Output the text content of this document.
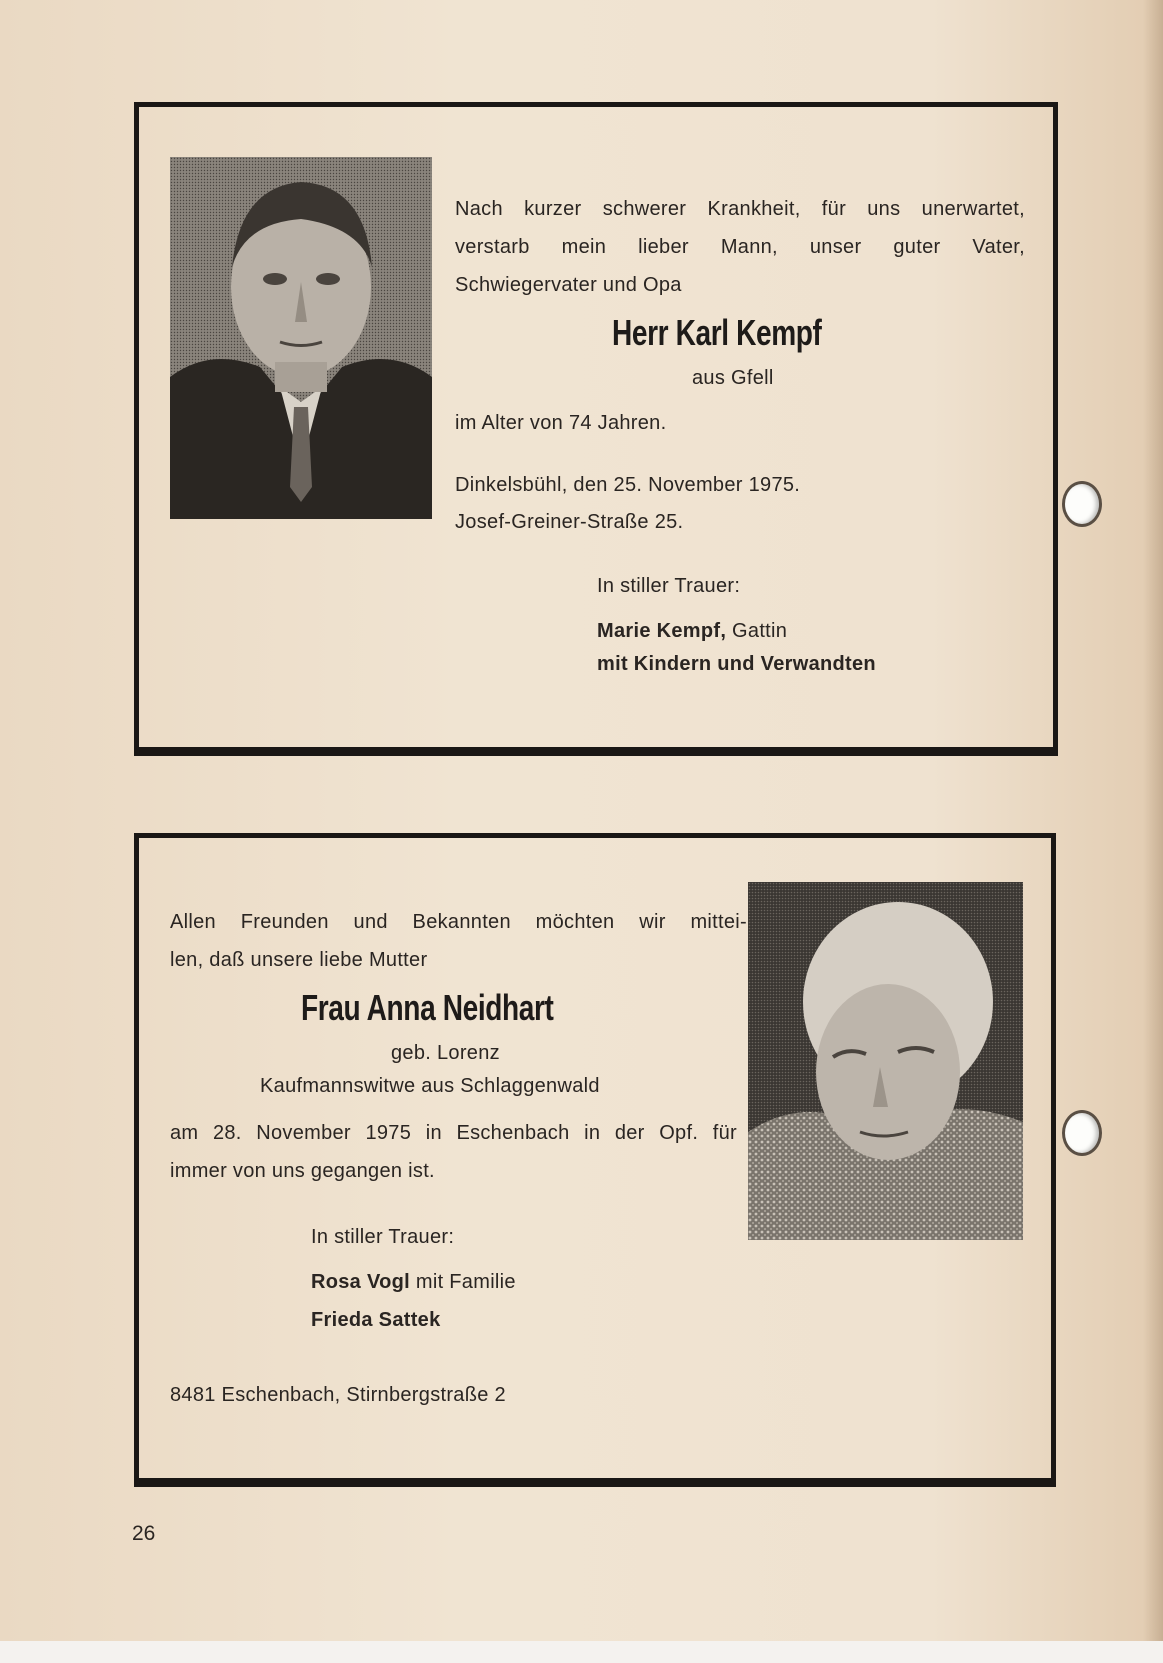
Nach kurzer schwerer Krankheit, für uns unerwartet,
verstarb mein lieber Mann, unser guter Vater,
Schwiegervater und Opa
Herr Karl Kempf
aus Gfell
im Alter von 74 Jahren.
Dinkelsbühl, den 25. November 1975.
Josef-Greiner-Straße 25.
In stiller Trauer:
Marie Kempf, Gattin
mit Kindern und Verwandten
Allen Freunden und Bekannten möchten wir mittei-
len, daß unsere liebe Mutter
Frau Anna Neidhart
geb. Lorenz
Kaufmannswitwe aus Schlaggenwald
am 28. November 1975 in Eschenbach in der Opf. für
immer von uns gegangen ist.
In stiller Trauer:
Rosa Vogl mit Familie
Frieda Sattek
8481 Eschenbach, Stirnbergstraße 2
26
